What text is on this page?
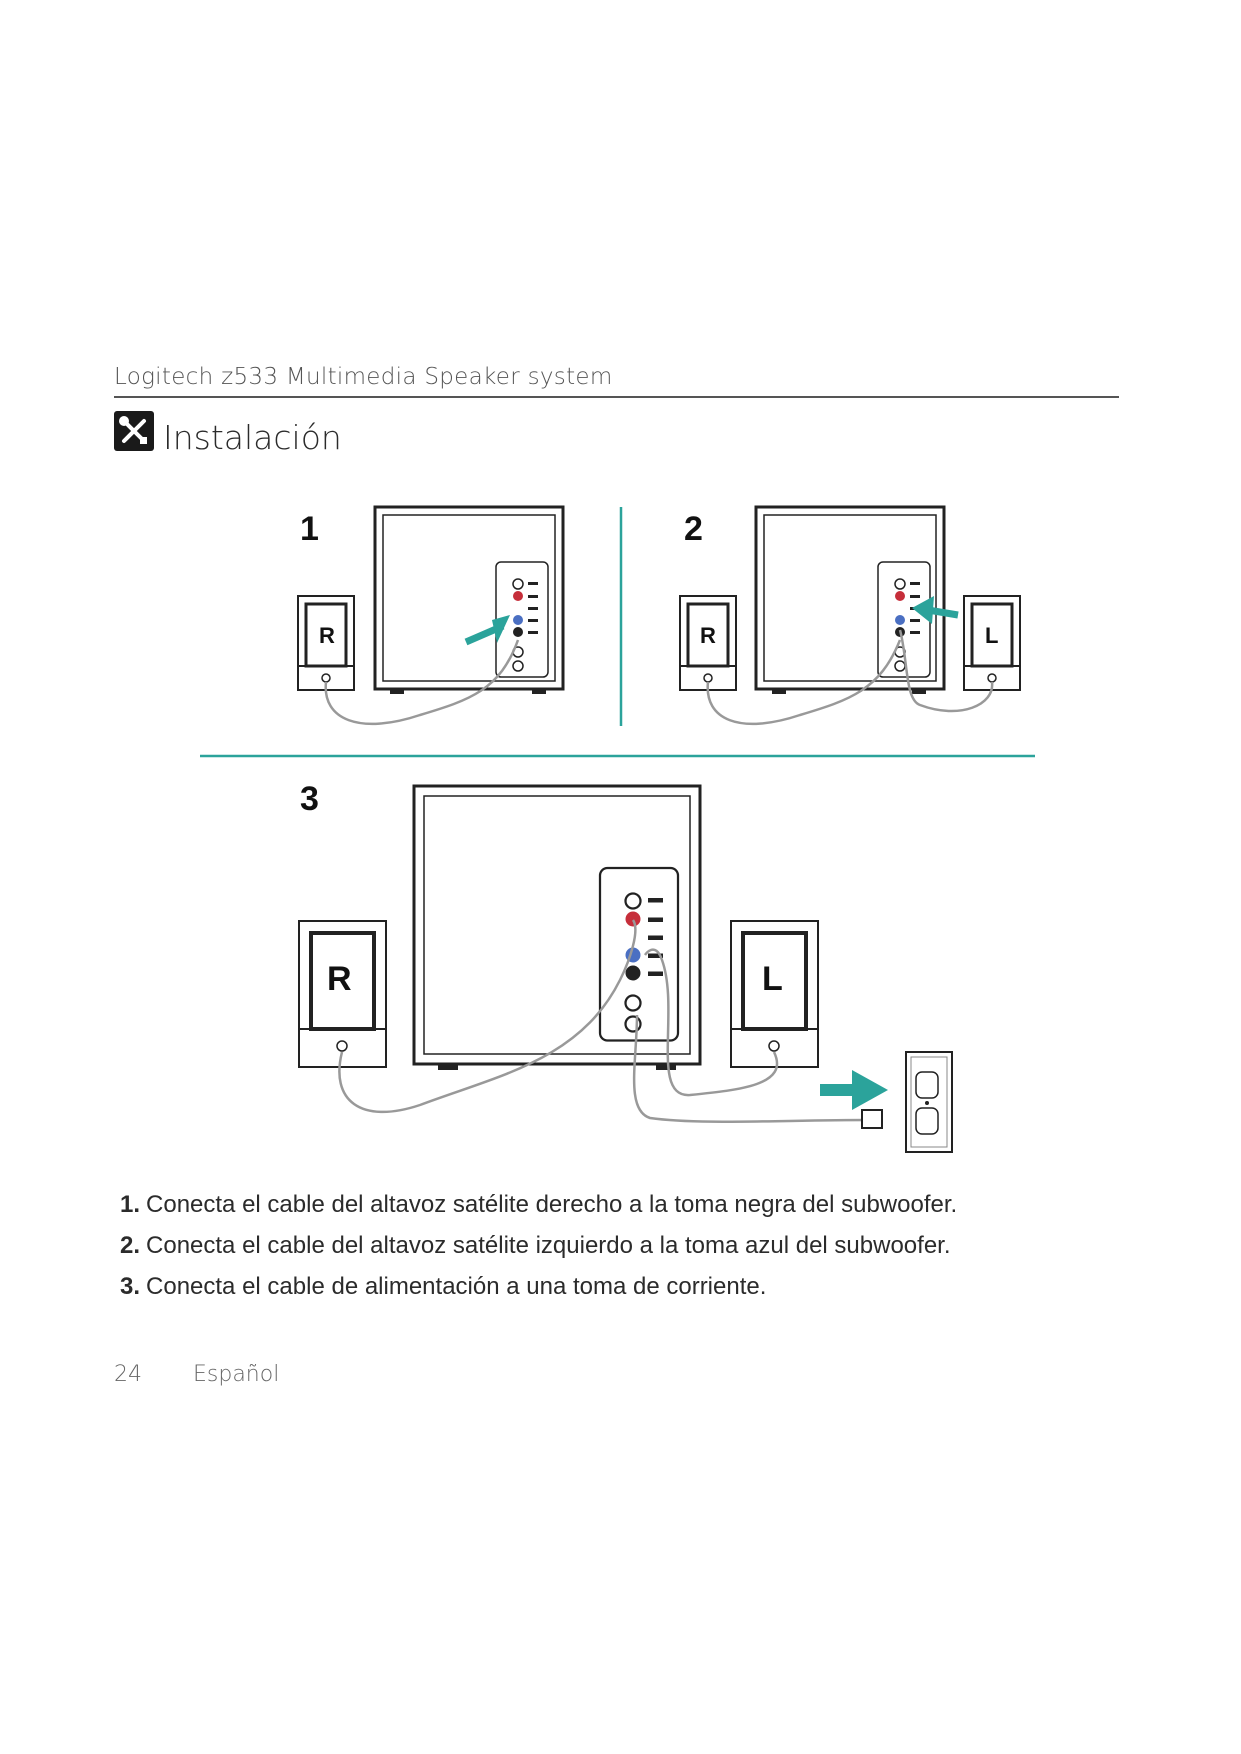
Logitech z533 Multimedia Speaker system
Instalación
1
R
2
R	L
3
R	L
1. Conecta el cable del altavoz satélite derecho a la toma negra del subwoofer.
2. Conecta el cable del altavoz satélite izquierdo a la toma azul del subwoofer.
3. Conecta el cable de alimentación a una toma de corriente.
24 Español
